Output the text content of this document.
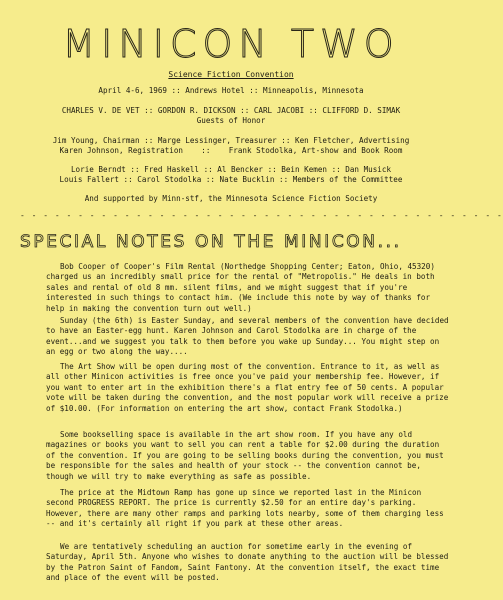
MINICON TWO
Science Fiction Convention
April 4-6, 1969 :: Andrews Hotel :: Minneapolis, Minnesota
CHARLES V. DE VET :: GORDON R. DICKSON :: CARL JACOBI :: CLIFFORD D. SIMAK
Guests of Honor
Jim Young, Chairman :: Marge Lessinger, Treasurer :: Ken Fletcher, Advertising
Karen Johnson, Registration    ::    Frank Stodolka, Art-show and Book Room
Lorie Berndt :: Fred Haskell :: Al Bencker :: Bein Kemen :: Dan Musick
Louis Fallert :: Carol Stodolka :: Nate Bucklin :: Members of the Committee
And supported by Minn-stf, the Minnesota Science Fiction Society
- - - - - - - - - - - - - - - - - - - - - - - - - - - - - - - - - - - - - - - - - -
SPECIAL NOTES ON THE MINICON...

Bob Cooper of Cooper's Film Rental (Northedge Shopping Center; Eaton, Ohio, 45320) charged us an incredibly small price for the rental of "Metropolis." He deals in both sales and rental of old 8 mm. silent films, and we might suggest that if you're interested in such things to contact him. (We include this note by way of thanks for help in making the convention turn out well.)

Sunday (the 6th) is Easter Sunday, and several members of the convention have decided to have an Easter-egg hunt. Karen Johnson and Carol Stodolka are in charge of the event...and we suggest you talk to them before you wake up Sunday... You might step on an egg or two along the way....

The Art Show will be open during most of the convention. Entrance to it, as well as all other Minicon activities is free once you've paid your membership fee. However, if you want to enter art in the exhibition there's a flat entry fee of 50 cents. A popular vote will be taken during the convention, and the most popular work will receive a prize of $10.00. (For information on entering the art show, contact Frank Stodolka.)

Some bookselling space is available in the art show room. If you have any old magazines or books you want to sell you can rent a table for $2.00 during the duration of the convention. If you are going to be selling books during the convention, you must be responsible for the sales and health of your stock -- the convention cannot be, though we will try to make everything as safe as possible.

The price at the Midtown Ramp has gone up since we reported last in the Minicon second PROGRESS REPORT. The price is currently $2.50 for an entire day's parking. However, there are many other ramps and parking lots nearby, some of them charging less -- and it's certainly all right if you park at these other areas.

We are tentatively scheduling an auction for sometime early in the evening of Saturday, April 5th. Anyone who wishes to donate anything to the auction will be blessed by the Patron Saint of Fandom, Saint Fantony. At the convention itself, the exact time and place of the event will be posted.
